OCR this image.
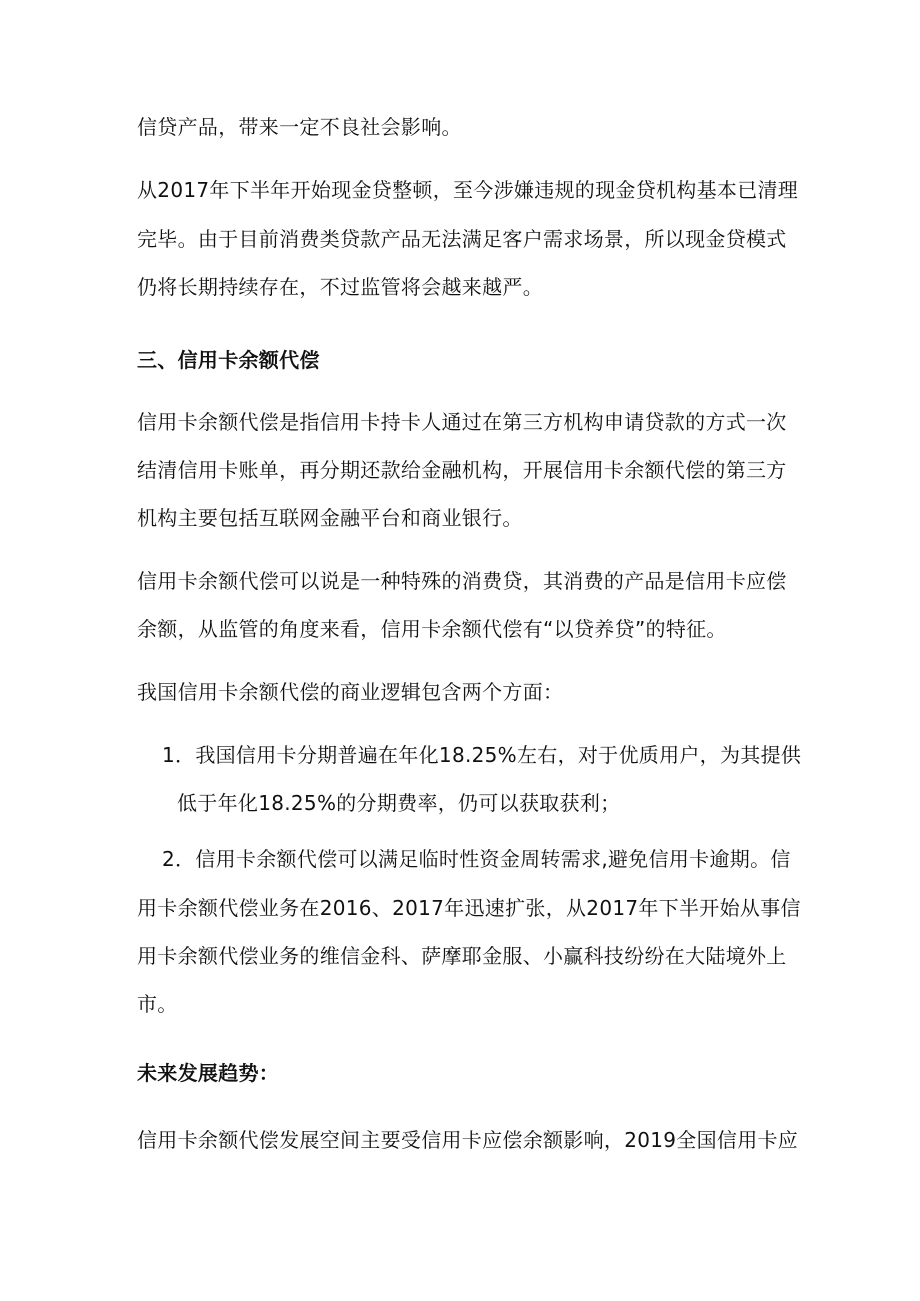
信贷产品，带来一定不良社会影响。
从2017年下半年开始现金贷整顿，至今涉嫌违规的现金贷机构基本已清理
完毕。由于目前消费类贷款产品无法满足客户需求场景，所以现金贷模式
仍将长期持续存在，不过监管将会越来越严。
三、信用卡余额代偿
信用卡余额代偿是指信用卡持卡人通过在第三方机构申请贷款的方式一次
结清信用卡账单，再分期还款给金融机构，开展信用卡余额代偿的第三方
机构主要包括互联网金融平台和商业银行。
信用卡余额代偿可以说是一种特殊的消费贷，其消费的产品是信用卡应偿
余额，从监管的角度来看，信用卡余额代偿有“以贷养贷”的特征。
我国信用卡余额代偿的商业逻辑包含两个方面：
1．我国信用卡分期普遍在年化18.25%左右，对于优质用户，为其提供
低于年化18.25%的分期费率，仍可以获取获利；
2．信用卡余额代偿可以满足临时性资金周转需求,避免信用卡逾期。信
用卡余额代偿业务在2016、2017年迅速扩张，从2017年下半开始从事信
用卡余额代偿业务的维信金科、萨摩耶金服、小赢科技纷纷在大陆境外上
市。
未来发展趋势：
信用卡余额代偿发展空间主要受信用卡应偿余额影响，2019全国信用卡应
